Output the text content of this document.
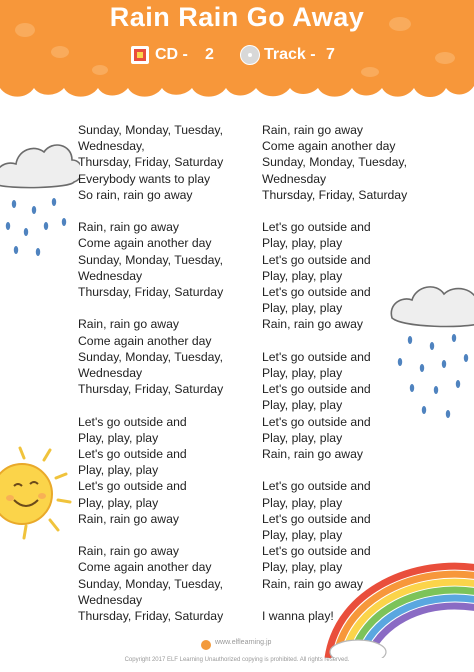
Rain Rain Go Away
CD - 2	Track - 7
Sunday, Monday, Tuesday,
Wednesday,
Thursday, Friday, Saturday
Everybody wants to play
So rain, rain go away
Rain, rain go away
Come again another day
Sunday, Monday, Tuesday,
Wednesday
Thursday, Friday, Saturday
Rain, rain go away
Come again another day
Sunday, Monday, Tuesday,
Wednesday
Thursday, Friday, Saturday
Let's go outside and
Play, play, play
Let's go outside and
Play, play, play
Let's go outside and
Play, play, play
Rain, rain go away
Rain, rain go away
Come again another day
Sunday, Monday, Tuesday,
Wednesday
Thursday, Friday, Saturday
Rain, rain go away
Come again another day
Sunday, Monday, Tuesday,
Wednesday
Thursday, Friday, Saturday
Let's go outside and
Play, play, play
Let's go outside and
Play, play, play
Let's go outside and
Play, play, play
Rain, rain go away
Let's go outside and
Play, play, play
Let's go outside and
Play, play, play
Let's go outside and
Play, play, play
Rain, rain go away
Let's go outside and
Play, play, play
Let's go outside and
Play, play, play
Let's go outside and
Play, play, play
Rain, rain go away
I wanna play!
www.elflearning.jp
Copyright 2017 ELF Learning Unauthorized copying is prohibited. All rights reserved.
